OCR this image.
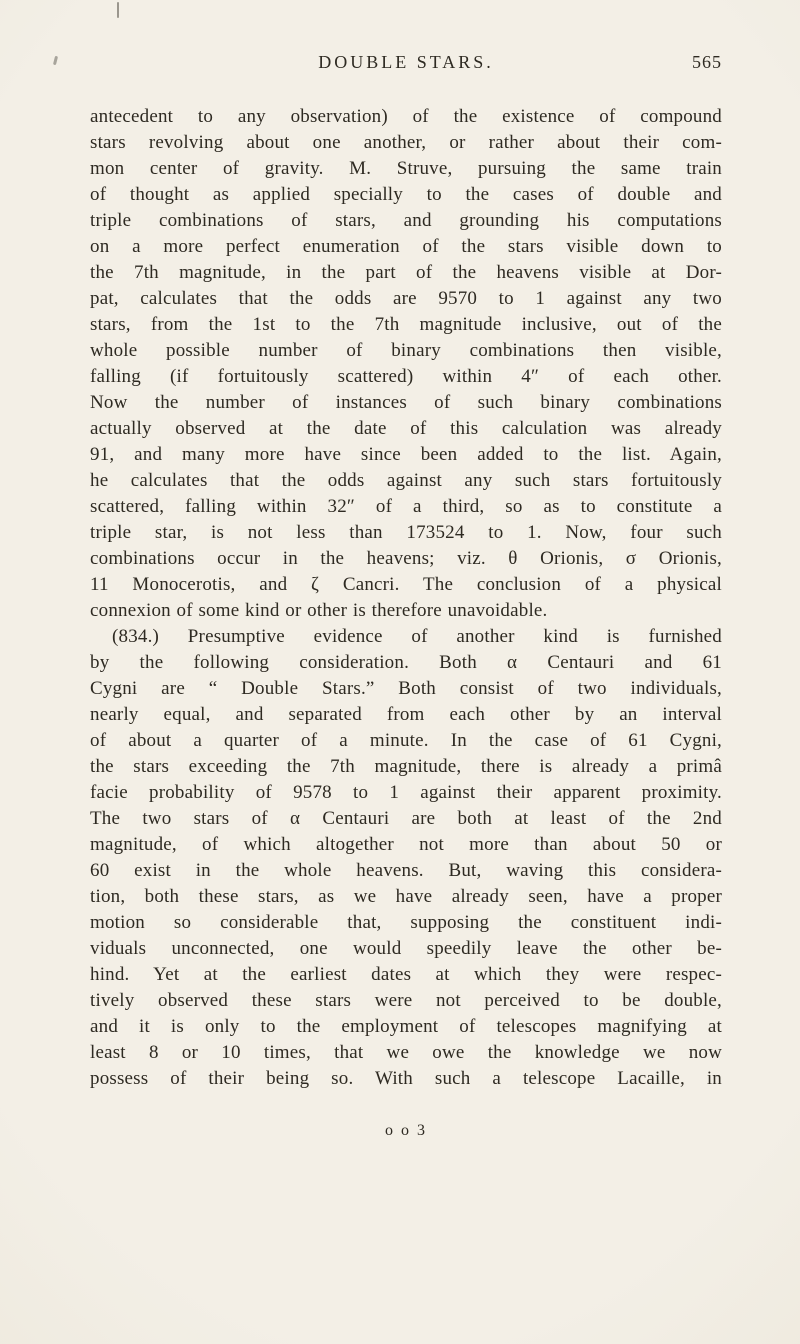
DOUBLE STARS.	565
antecedent to any observation) of the existence of compound
stars revolving about one another, or rather about their com-
mon center of gravity. M. Struve, pursuing the same train
of thought as applied specially to the cases of double and
triple combinations of stars, and grounding his computations
on a more perfect enumeration of the stars visible down to
the 7th magnitude, in the part of the heavens visible at Dor-
pat, calculates that the odds are 9570 to 1 against any two
stars, from the 1st to the 7th magnitude inclusive, out of the
whole possible number of binary combinations then visible,
falling (if fortuitously scattered) within 4″ of each other.
Now the number of instances of such binary combinations
actually observed at the date of this calculation was already
91, and many more have since been added to the list. Again,
he calculates that the odds against any such stars fortuitously
scattered, falling within 32″ of a third, so as to constitute a
triple star, is not less than 173524 to 1. Now, four such
combinations occur in the heavens; viz. θ Orionis, σ Orionis,
11 Monocerotis, and ζ Cancri. The conclusion of a physical
connexion of some kind or other is therefore unavoidable.
(834.) Presumptive evidence of another kind is furnished
by the following consideration. Both α Centauri and 61
Cygni are “ Double Stars.” Both consist of two individuals,
nearly equal, and separated from each other by an interval
of about a quarter of a minute. In the case of 61 Cygni,
the stars exceeding the 7th magnitude, there is already a primâ
facie probability of 9578 to 1 against their apparent proximity.
The two stars of α Centauri are both at least of the 2nd
magnitude, of which altogether not more than about 50 or
60 exist in the whole heavens. But, waving this considera-
tion, both these stars, as we have already seen, have a proper
motion so considerable that, supposing the constituent indi-
viduals unconnected, one would speedily leave the other be-
hind. Yet at the earliest dates at which they were respec-
tively observed these stars were not perceived to be double,
and it is only to the employment of telescopes magnifying at
least 8 or 10 times, that we owe the knowledge we now
possess of their being so. With such a telescope Lacaille, in
o o 3
